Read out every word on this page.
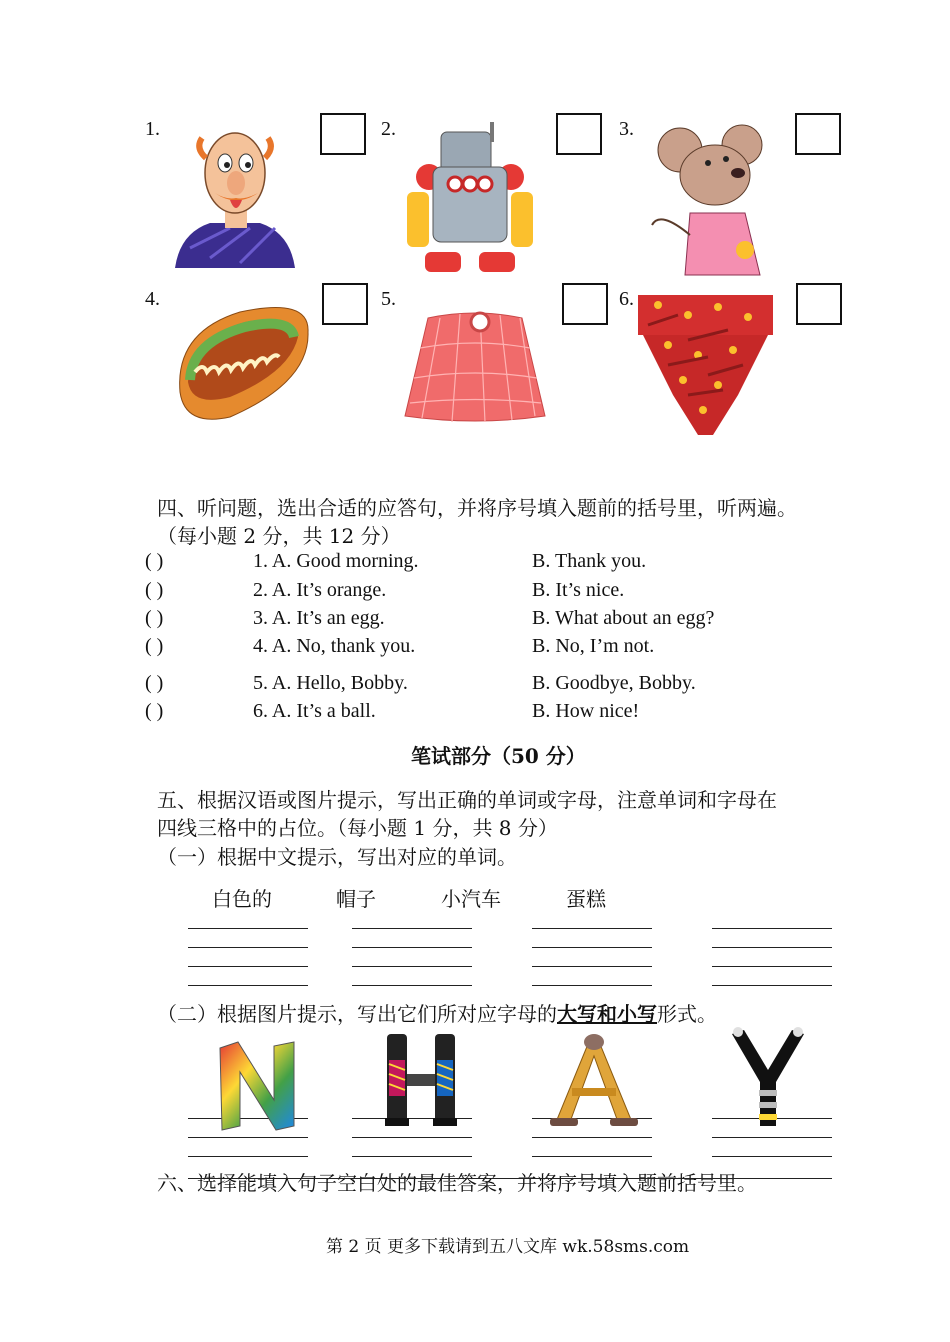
1.	2.	3.
4.	5.	6.
四、听问题，选出合适的应答句，并将序号填入题前的括号里，听两遍。
（每小题 2 分，共 12 分）
( )	1. A. Good morning.	B. Thank you.
( )	2. A. It’s orange.	B. It’s nice.
( )	3. A. It’s an egg.	B. What about an egg?
( )	4. A. No, thank you.	B. No, I’m not.
( )	5. A. Hello, Bobby.	B. Goodbye, Bobby.
( )	6. A. It’s a ball.	B. How nice!
笔试部分（50 分）
五、根据汉语或图片提示，写出正确的单词或字母，注意单词和字母在
四线三格中的占位。（每小题 1 分，共 8 分）
（一）根据中文提示，写出对应的单词。
白色的	帽子	小汽车	蛋糕
（二）根据图片提示，写出它们所对应字母的大写和小写形式。
六、选择能填入句子空白处的最佳答案，并将序号填入题前括号里。
第 2 页 更多下载请到五八文库 wk.58sms.com
